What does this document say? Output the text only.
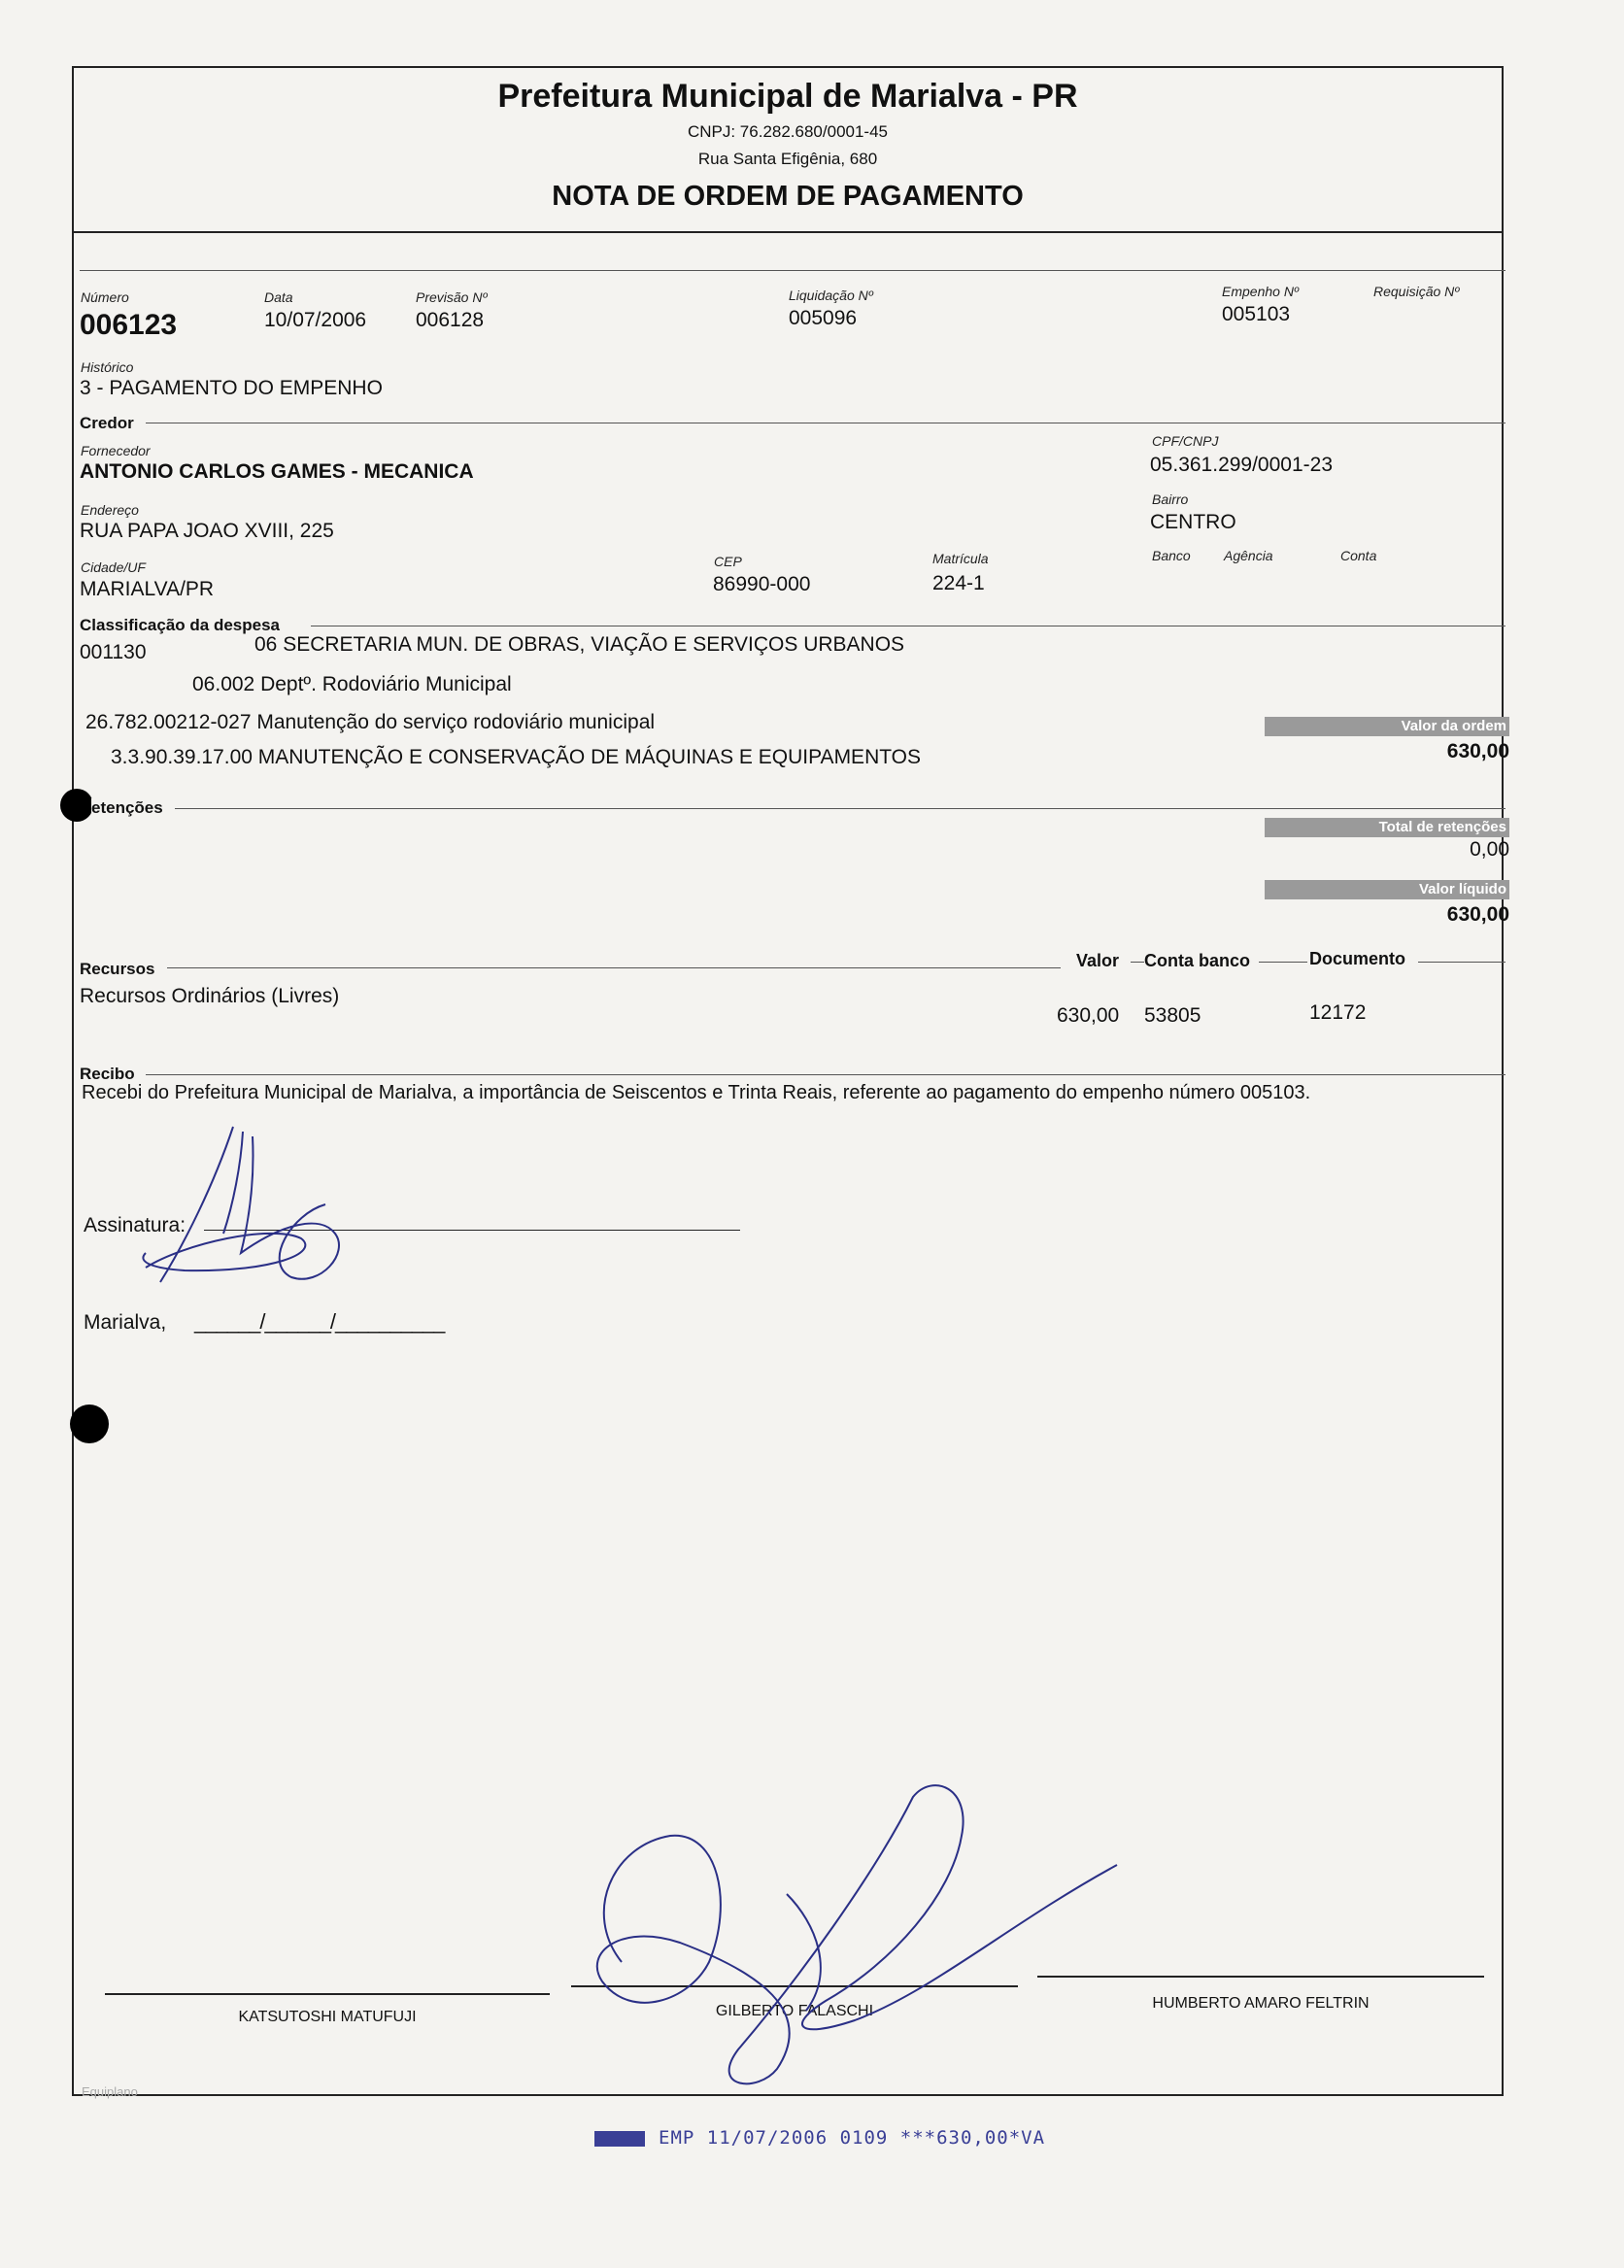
Prefeitura Municipal de Marialva - PR
CNPJ: 76.282.680/0001-45
Rua Santa Efigênia, 680
NOTA DE ORDEM DE PAGAMENTO
Número
006123
Data
10/07/2006
Previsão Nº
006128
Liquidação Nº
005096
Empenho Nº
005103
Requisição Nº
Histórico
3 - PAGAMENTO DO EMPENHO
Credor
Fornecedor
ANTONIO CARLOS GAMES - MECANICA
CPF/CNPJ
05.361.299/0001-23
Endereço
RUA PAPA JOAO XVIII, 225
Bairro
CENTRO
Cidade/UF
MARIALVA/PR
CEP
86990-000
Matrícula
224-1
Banco Agência	Conta
Classificação da despesa
001130	06 SECRETARIA MUN. DE OBRAS, VIAÇÃO E SERVIÇOS URBANOS
06.002 Deptº. Rodoviário Municipal
26.782.00212-027 Manutenção do serviço rodoviário municipal
3.3.90.39.17.00 MANUTENÇÃO E CONSERVAÇÃO DE MÁQUINAS E EQUIPAMENTOS
Valor da ordem
630,00
etenções
Total de retenções
0,00
Valor líquido
630,00
Recursos	Valor Conta banco	Documento
Recursos Ordinários (Livres)
630,00 53805	12172
Recibo
Recebi do Prefeitura Municipal de Marialva, a importância de Seiscentos e Trinta Reais, referente ao pagamento do empenho número 005103.
Assinatura:
Marialva, ______/______/__________
KATSUTOSHI MATUFUJI	GILBERTO FALASCHI	HUMBERTO AMARO FELTRIN
Equiplano
EMP 11/07/2006 0109 ***630,00*VA
